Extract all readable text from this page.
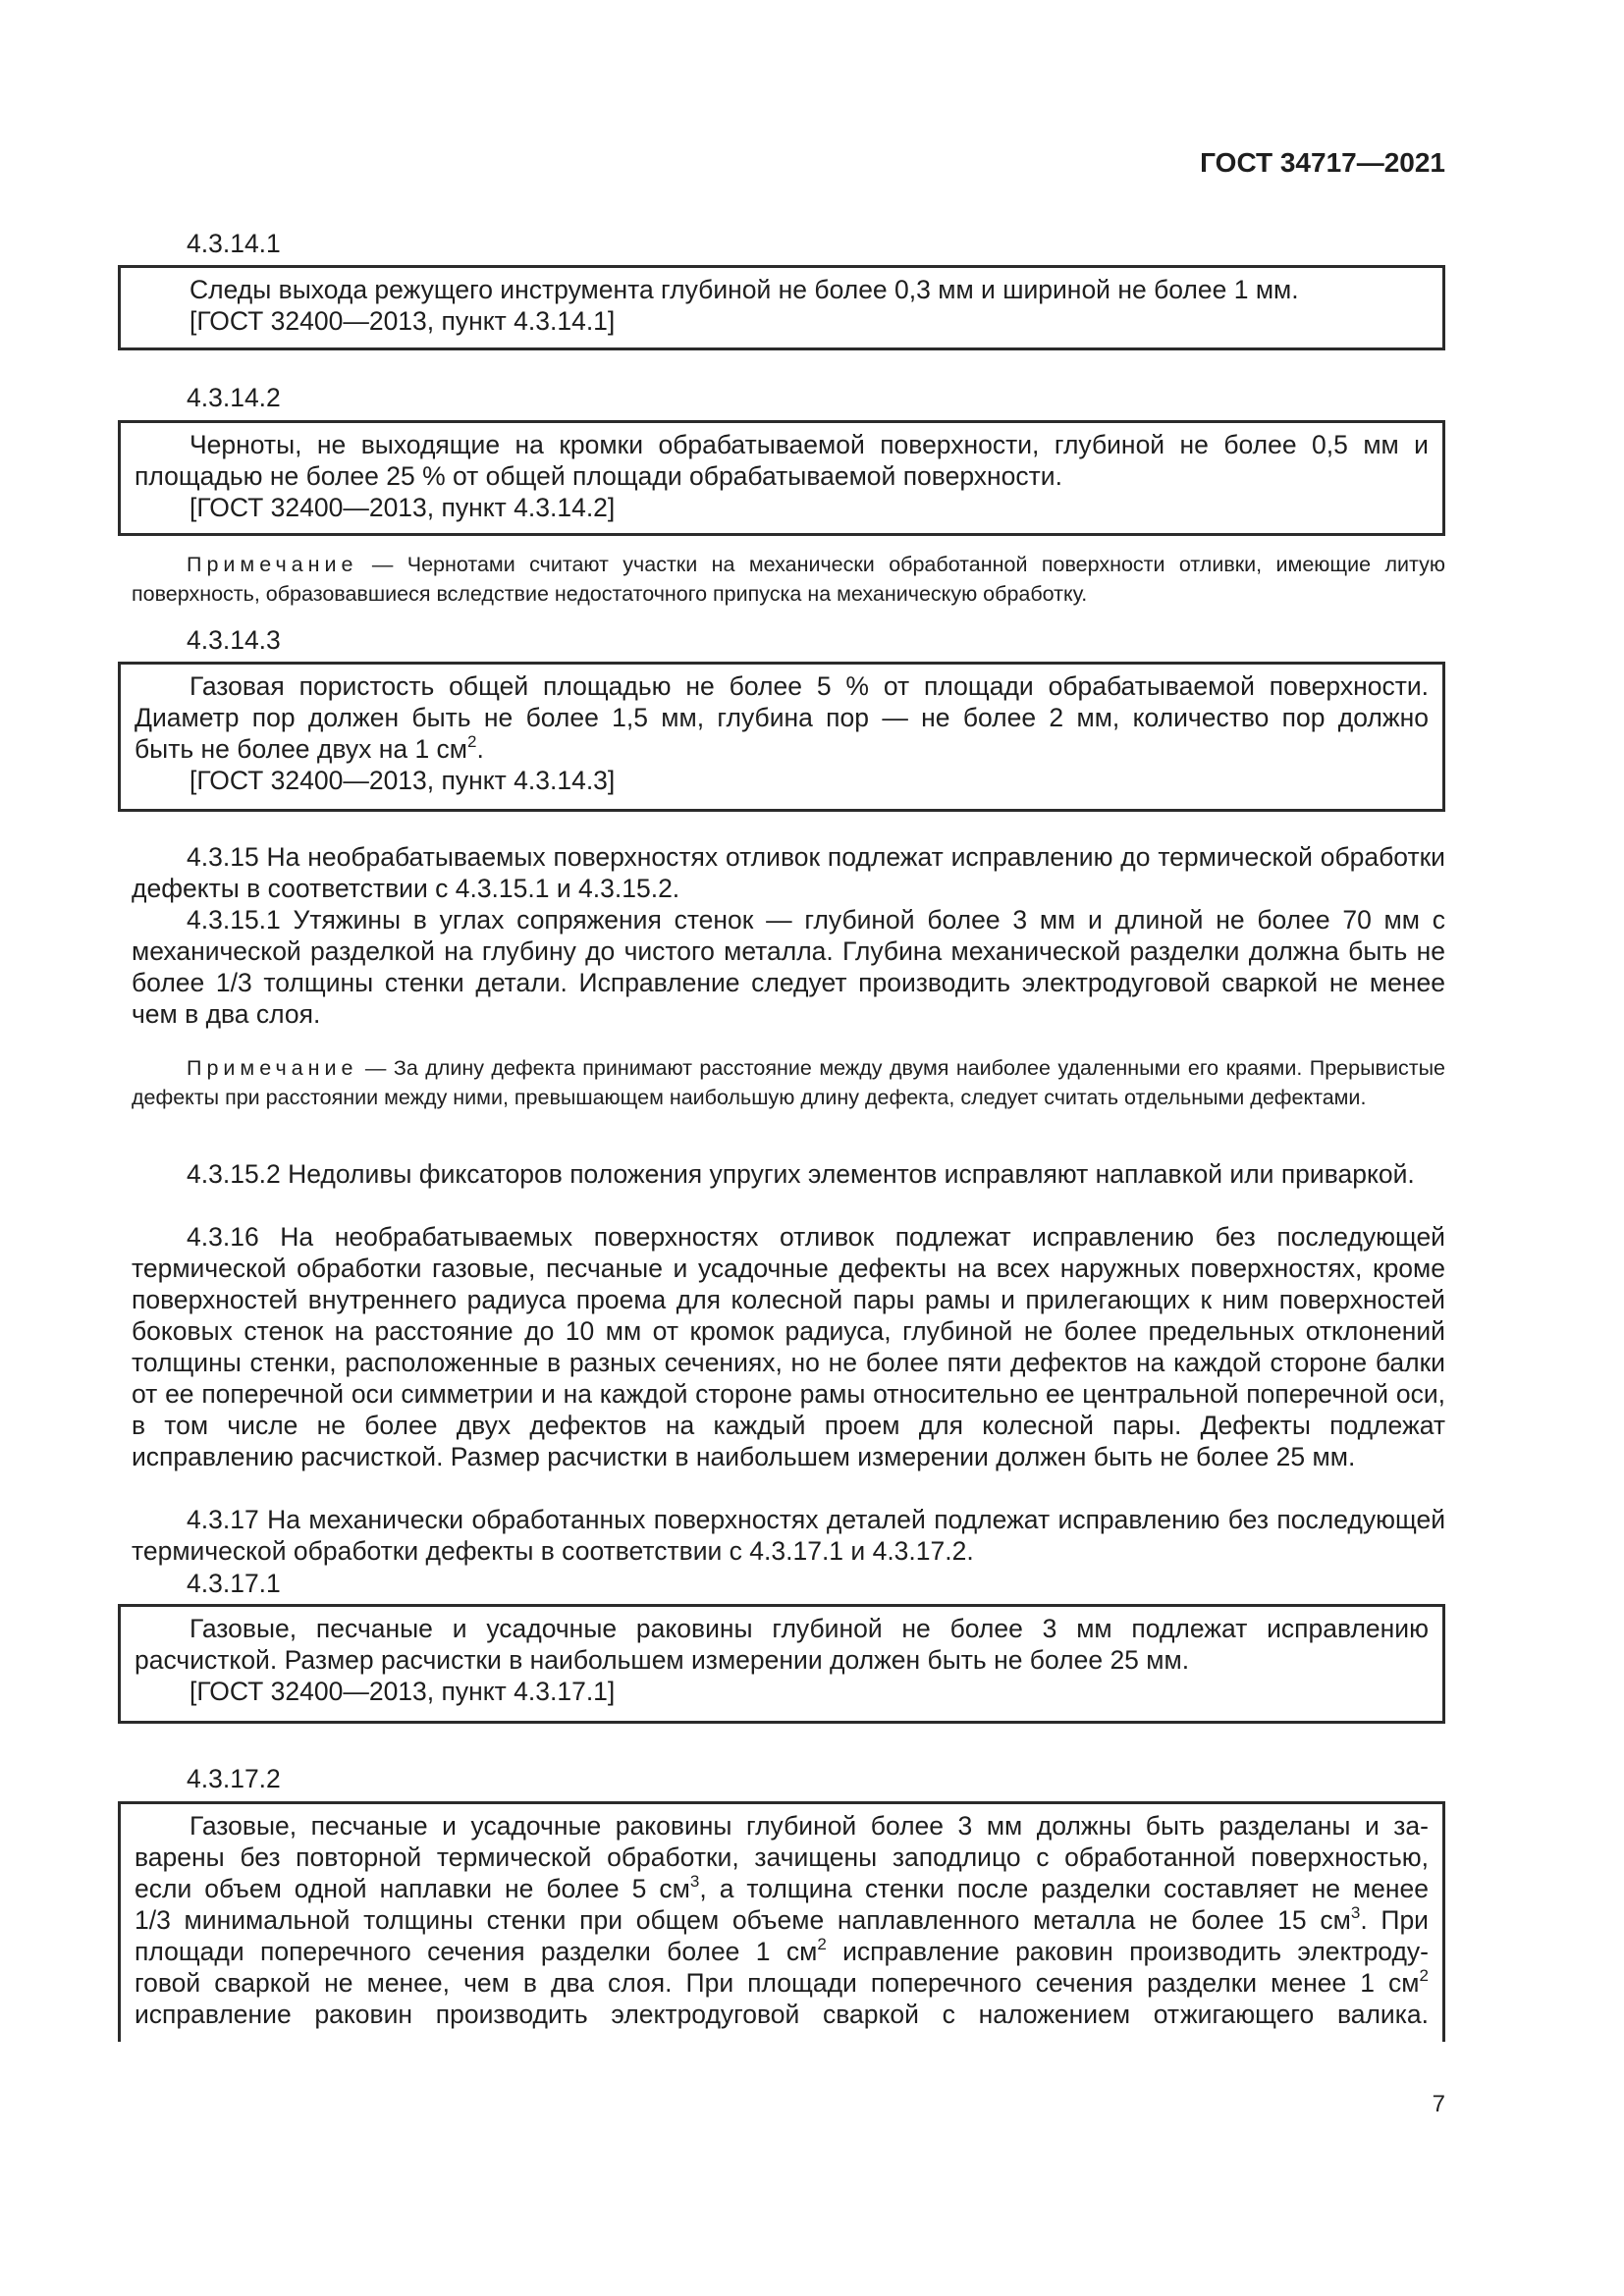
ГОСТ 34717—2021
4.3.14.1
Следы выхода режущего инструмента глубиной не более 0,3 мм и шириной не более 1 мм.
[ГОСТ 32400—2013, пункт 4.3.14.1]
4.3.14.2
Черноты, не выходящие на кромки обрабатываемой поверхности, глубиной не более 0,5 мм и
площадью не более 25 % от общей площади обрабатываемой поверхности.
[ГОСТ 32400—2013, пункт 4.3.14.2]
Примечание — Чернотами считают участки на механически обработанной поверхности отливки, имеющие литую поверхность, образовавшиеся вследствие недостаточного припуска на механическую обработку.
4.3.14.3
Газовая пористость общей площадью не более 5 % от площади обрабатываемой поверхности.
Диаметр пор должен быть не более 1,5 мм, глубина пор — не более 2 мм, количество пор должно
быть не более двух на 1 $см^2$.
[ГОСТ 32400—2013, пункт 4.3.14.3]
4.3.15 На необрабатываемых поверхностях отливок подлежат исправлению до термической обработки дефекты в соответствии с 4.3.15.1 и 4.3.15.2.
4.3.15.1 Утяжины в углах сопряжения стенок — глубиной более 3 мм и длиной не более 70 мм с механической разделкой на глубину до чистого металла. Глубина механической разделки должна быть не более 1/3 толщины стенки детали. Исправление следует производить электродуговой сваркой не менее чем в два слоя.
Примечание — За длину дефекта принимают расстояние между двумя наиболее удаленными его краями. Прерывистые дефекты при расстоянии между ними, превышающем наибольшую длину дефекта, следует считать отдельными дефектами.
4.3.15.2 Недоливы фиксаторов положения упругих элементов исправляют наплавкой или приваркой.
4.3.16 На необрабатываемых поверхностях отливок подлежат исправлению без последующей термической обработки газовые, песчаные и усадочные дефекты на всех наружных поверхностях, кроме поверхностей внутреннего радиуса проема для колесной пары рамы и прилегающих к ним поверхностей боковых стенок на расстояние до 10 мм от кромок радиуса, глубиной не более предельных отклонений толщины стенки, расположенные в разных сечениях, но не более пяти дефектов на каждой стороне балки от ее поперечной оси симметрии и на каждой стороне рамы относительно ее центральной поперечной оси, в том числе не более двух дефектов на каждый проем для колесной пары. Дефекты подлежат исправлению расчисткой. Размер расчистки в наибольшем измерении должен быть не более 25 мм.
4.3.17 На механически обработанных поверхностях деталей подлежат исправлению без последующей термической обработки дефекты в соответствии с 4.3.17.1 и 4.3.17.2.
4.3.17.1
Газовые, песчаные и усадочные раковины глубиной не более 3 мм подлежат исправлению расчисткой. Размер расчистки в наибольшем измерении должен быть не более 25 мм.
[ГОСТ 32400—2013, пункт 4.3.17.1]
4.3.17.2
Газовые, песчаные и усадочные раковины глубиной более 3 мм должны быть разделаны и за-
варены без повторной термической обработки, зачищены заподлицо с обработанной поверхностью,
если объем одной наплавки не более 5 $см^3$, а толщина стенки после разделки составляет не менее
1/3 минимальной толщины стенки при общем объеме наплавленного металла не более 15 $см^3$. При
площади поперечного сечения разделки более 1 $см^2$ исправление раковин производить электроду-
говой сваркой не менее, чем в два слоя. При площади поперечного сечения разделки менее 1 $см^2$
исправление раковин производить электродуговой сваркой с наложением отжигающего валика.
7
